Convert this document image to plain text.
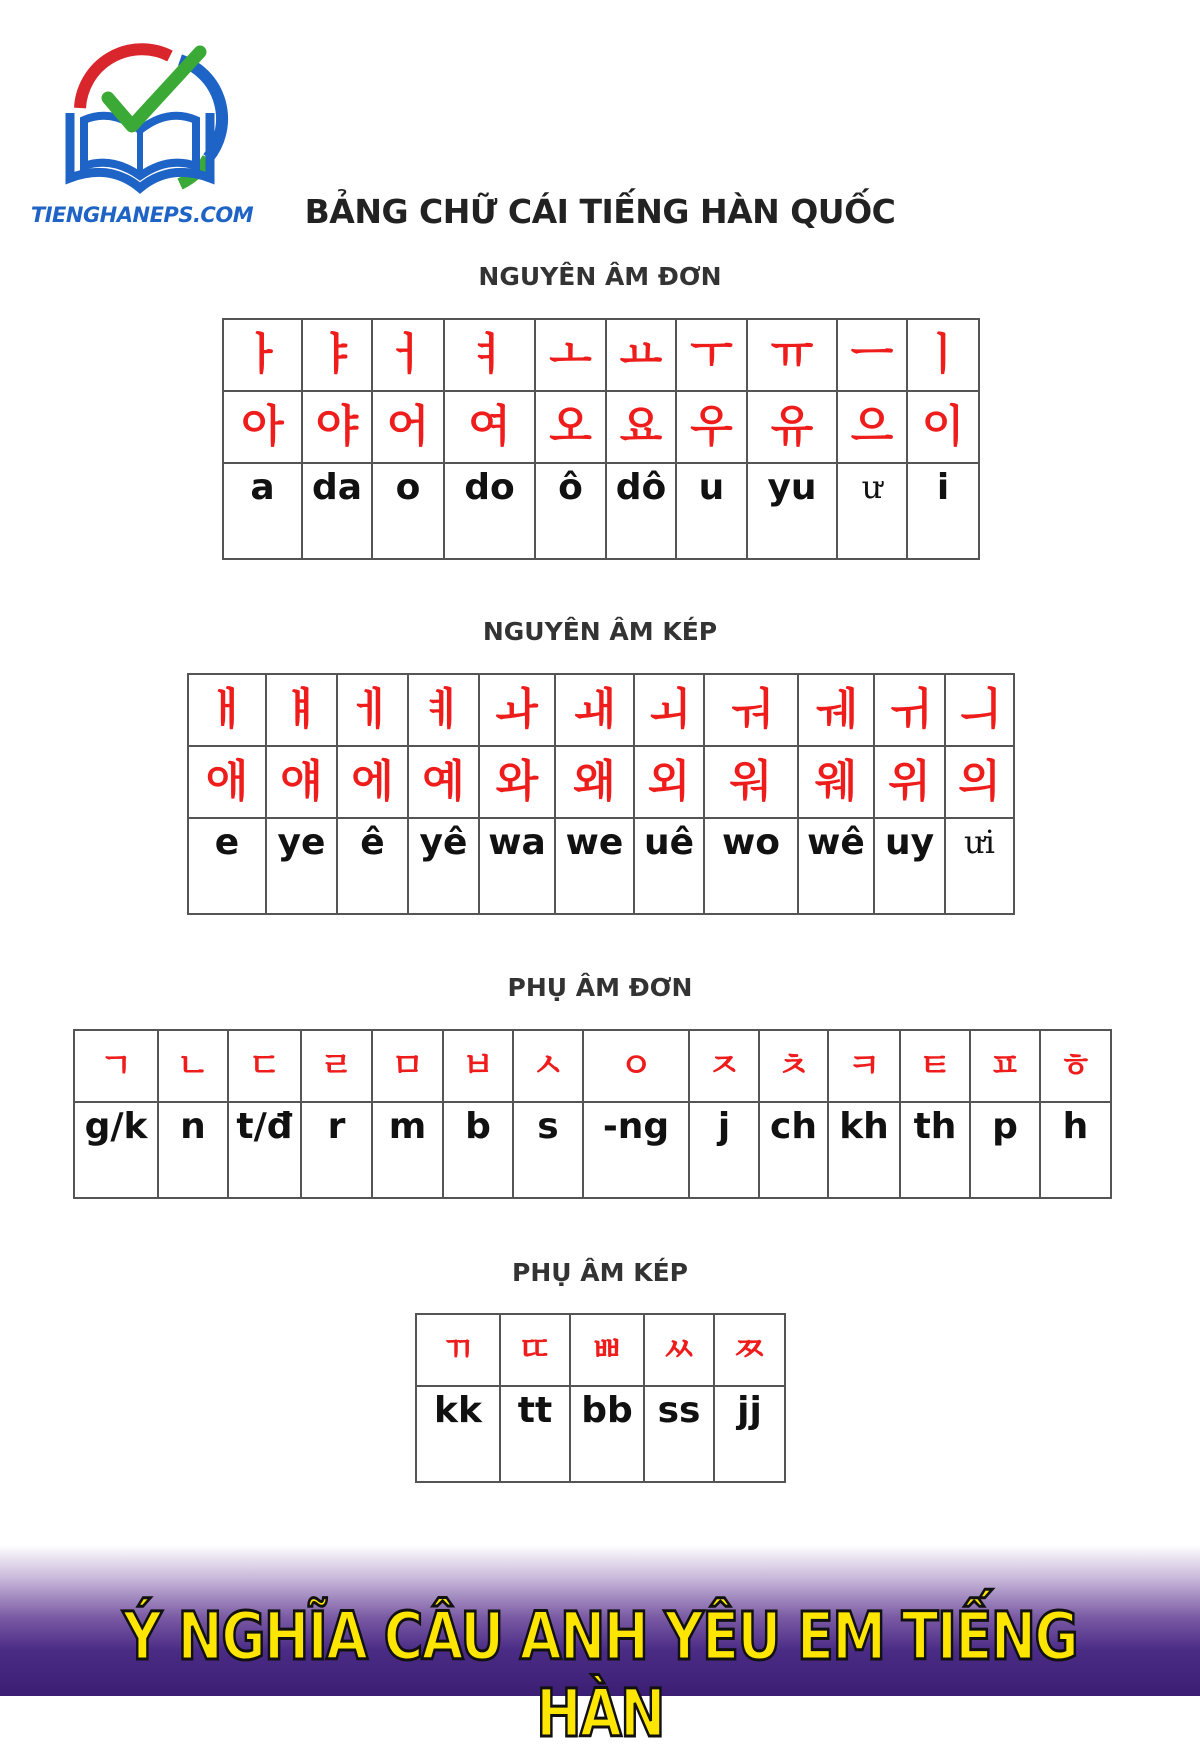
TIENGHANEPS.COM	BẢNG CHỮ CÁI TIẾNG HÀN QUỐC
NGUYÊN ÂM ĐƠN
ㅏ	ㅑ	ㅓ	ㅕ	ㅗ	ㅛ	ㅜ	ㅠ	ㅡ	ㅣ
아	야	어	여	오	요	우	유	으	이
a	da	o	do	ô	dô	u	yu	ư	i
NGUYÊN ÂM KÉP
ㅐ	ㅒ	ㅔ	ㅖ	ㅘ	ㅙ	ㅚ	ㅝ	ㅞ	ㅟ	ㅢ
애	얘	에	예	와	왜	외	워	웨	위	의
e	ye	ê	yê	wa	we	uê	wo	wê	uy	ưi
PHỤ ÂM ĐƠN
ㄱ	ㄴ	ㄷ	ㄹ	ㅁ	ㅂ	ㅅ	ㅇ	ㅈ	ㅊ	ㅋ	ㅌ	ㅍ	ㅎ
g/k	n	t/đ	r	m	b	s	-ng	j	ch	kh	th	p	h
PHỤ ÂM KÉP
ㄲ	ㄸ	ㅃ	ㅆ	ㅉ
kk	tt	bb	ss	jj
Ý NGHĨA CÂU ANH YÊU EM TIẾNG HÀN
